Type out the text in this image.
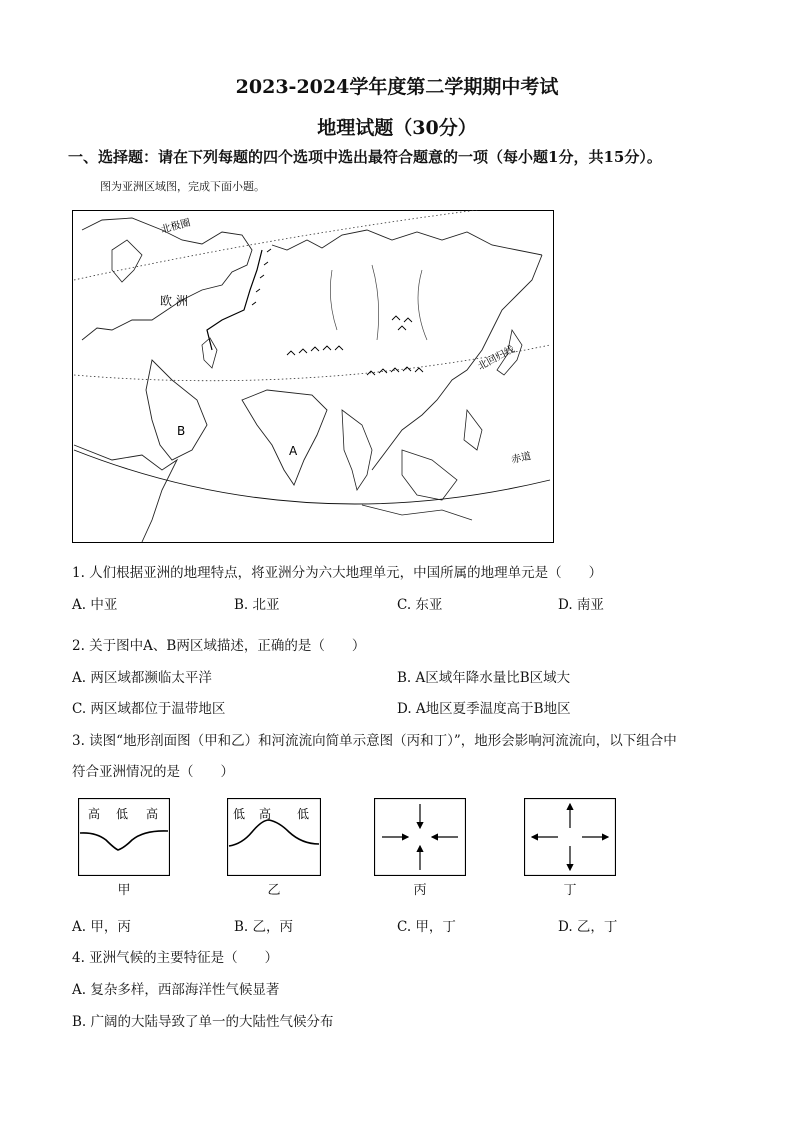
2023-2024学年度第二学期期中考试
地理试题（30分）
一、选择题：请在下列每题的四个选项中选出最符合题意的一项（每小题1分，共15分）。
图为亚洲区域图，完成下面小题。
北极圈
欧 洲
北回归线
赤道
A
B
1. 人们根据亚洲的地理特点，将亚洲分为六大地理单元，中国所属的地理单元是（　　）
A. 中亚	B. 北亚	C. 东亚	D. 南亚
2. 关于图中A、B两区域描述，正确的是（　　）
A. 两区域都濒临太平洋	B. A区域年降水量比B区域大
C. 两区域都位于温带地区	D. A地区夏季温度高于B地区
3. 读图“地形剖面图（甲和乙）和河流流向简单示意图（丙和丁）”，地形会影响河流流向，以下组合中
符合亚洲情况的是（　　）
高 低 高
甲
低 高 低
乙	丙	丁
A. 甲，丙	B. 乙，丙	C. 甲，丁	D. 乙，丁
4. 亚洲气候的主要特征是（　　）
A. 复杂多样，西部海洋性气候显著
B. 广阔的大陆导致了单一的大陆性气候分布
